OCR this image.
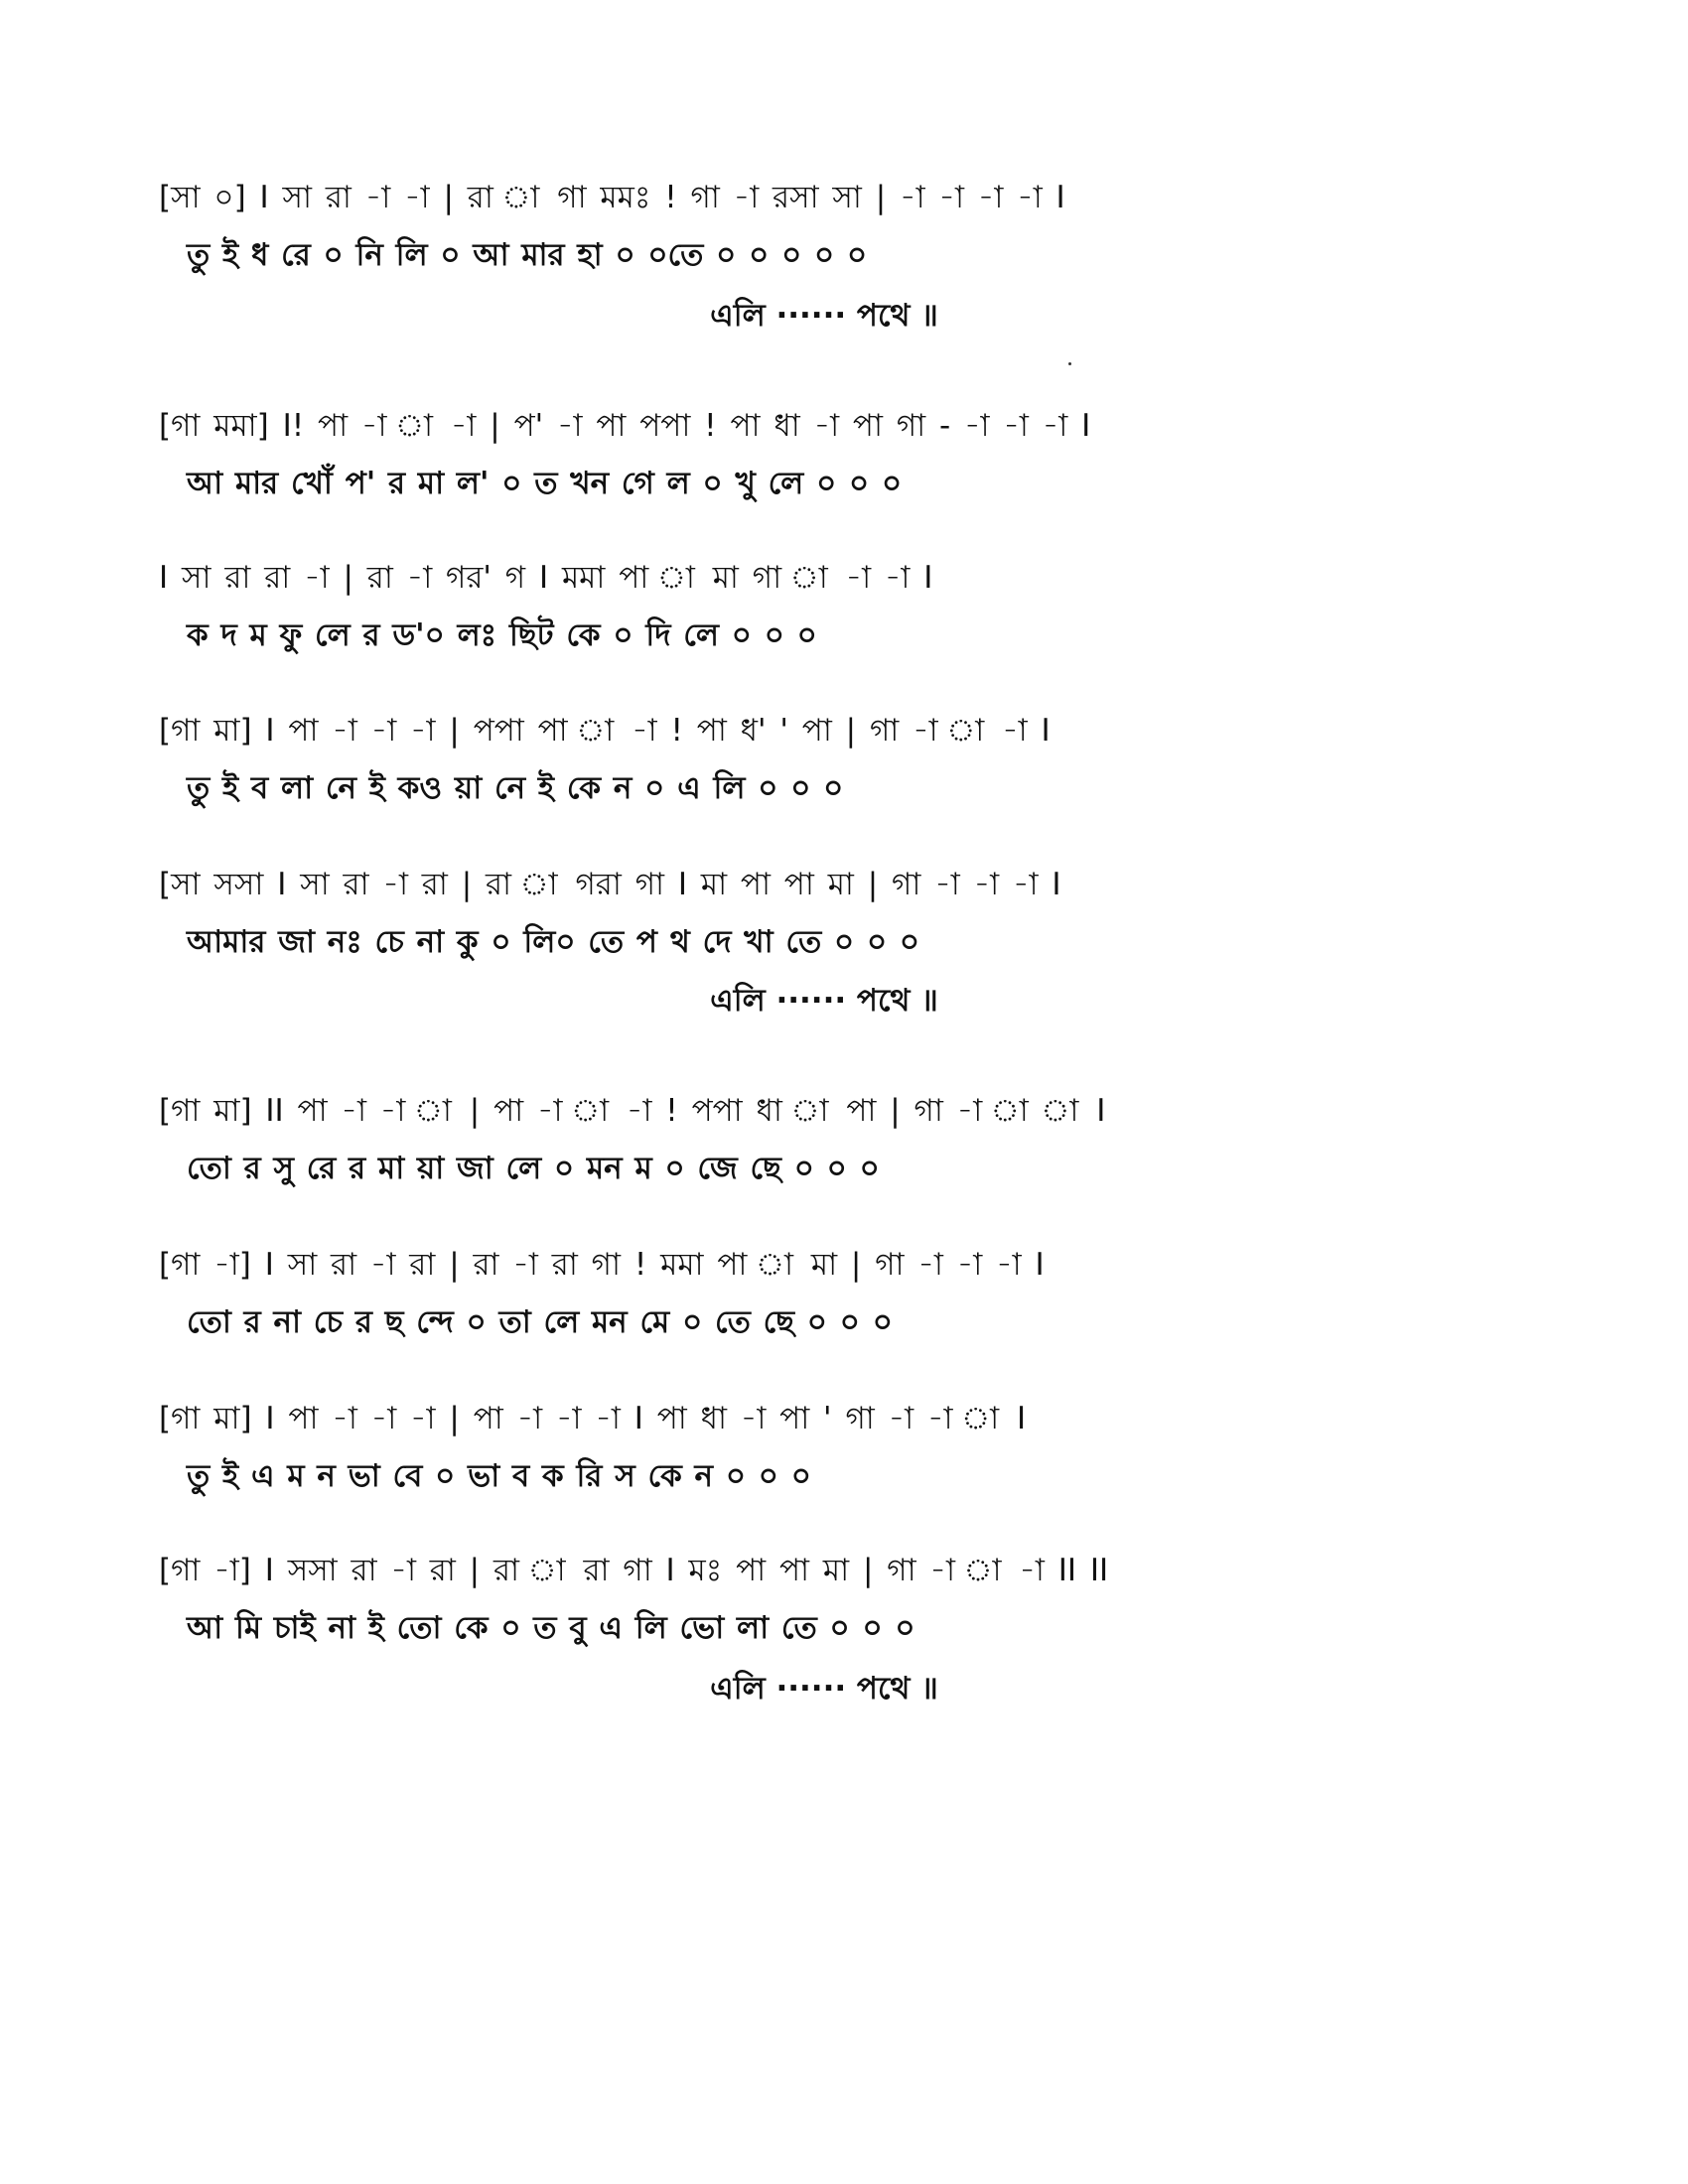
[সা ০] I সা রা -া -া | রা া গা মমঃ ! গা -া রসা সা | -া -া -া -া I
তু ই ধ রে ০ নি লি ০ আ মার হা ০ ০তে ০ ০ ০ ০ ০
এলি ······ পথে ॥
[গা মমা] I! পা -া া -া | প' -া পা পপা ! পা ধা -া পা গা - -া -া -া I
আ মার খোঁ প' র মা ল' ০ ত খন গে ল ০ খু লে ০ ০ ০
I সা রা রা -া | রা -া গর' গ I মমা পা া মা গা া -া -া I
ক দ ম ফু লে র ড'০ লঃ ছিট কে ০ দি লে ০ ০ ০
[গা মা] I পা -া -া -া | পপা পা া -া ! পা ধ' ' পা | গা -া া -া I
তু ই ব লা নে ই কও য়া নে ই কে ন ০ এ লি ০ ০ ০
[সা সসা I সা রা -া রা | রা া গরা গা I মা পা পা মা | গা -া -া -া I
আমার জা নঃ চে না কু ০ লি০ তে প থ দে খা তে ০ ০ ০
এলি ······ পথে ॥
[গা মা] II পা -া -া া | পা -া া -া ! পপা ধা া পা | গা -া া া I
তো র সু রে র মা য়া জা লে ০ মন ম ০ জে ছে ০ ০ ০
[গা -া] I সা রা -া রা | রা -া রা গা ! মমা পা া মা | গা -া -া -া I
তো র না চে র ছ ন্দে ০ তা লে মন মে ০ তে ছে ০ ০ ০
[গা মা] I পা -া -া -া | পা -া -া -া I পা ধা -া পা ' গা -া -া া I
তু ই এ ম ন ভা বে ০ ভা ব ক রি স কে ন ০ ০ ০
[গা -া] I সসা রা -া রা | রা া রা গা I মঃ পা পা মা | গা -া া -া II II
আ মি চাই না ই তো কে ০ ত বু এ লি ভো লা তে ০ ০ ০
এলি ······ পথে ॥
